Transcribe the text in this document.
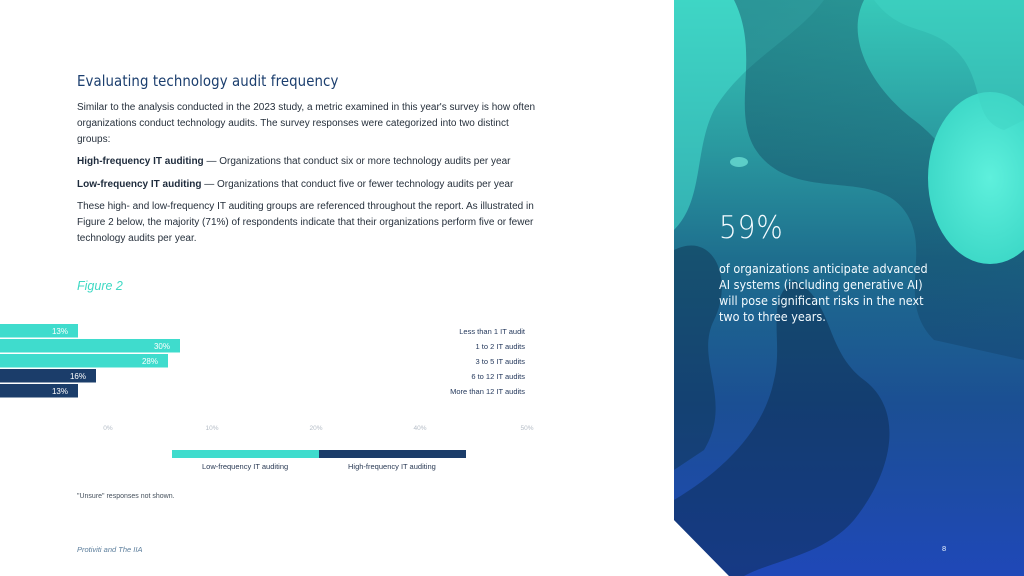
Evaluating technology audit frequency
Similar to the analysis conducted in the 2023 study, a metric examined in this year's survey is how often organizations conduct technology audits. The survey responses were categorized into two distinct groups:
High-frequency IT auditing — Organizations that conduct six or more technology audits per year
Low-frequency IT auditing — Organizations that conduct five or fewer technology audits per year
These high- and low-frequency IT auditing groups are referenced throughout the report. As illustrated in Figure 2 below, the majority (71%) of respondents indicate that their organizations perform five or fewer technology audits per year.
Figure 2
13%	Less than 1 IT audit
30%	1 to 2 IT audits
28%	3 to 5 IT audits
16%	6 to 12 IT audits
13%	More than 12 IT audits
0%	10%	20%	40%	50%
Low-frequency IT auditing	High-frequency IT auditing
"Unsure" responses not shown.
Protiviti and The IIA
59%
of organizations anticipate advanced AI systems (including generative AI) will pose significant risks in the next two to three years.
8
